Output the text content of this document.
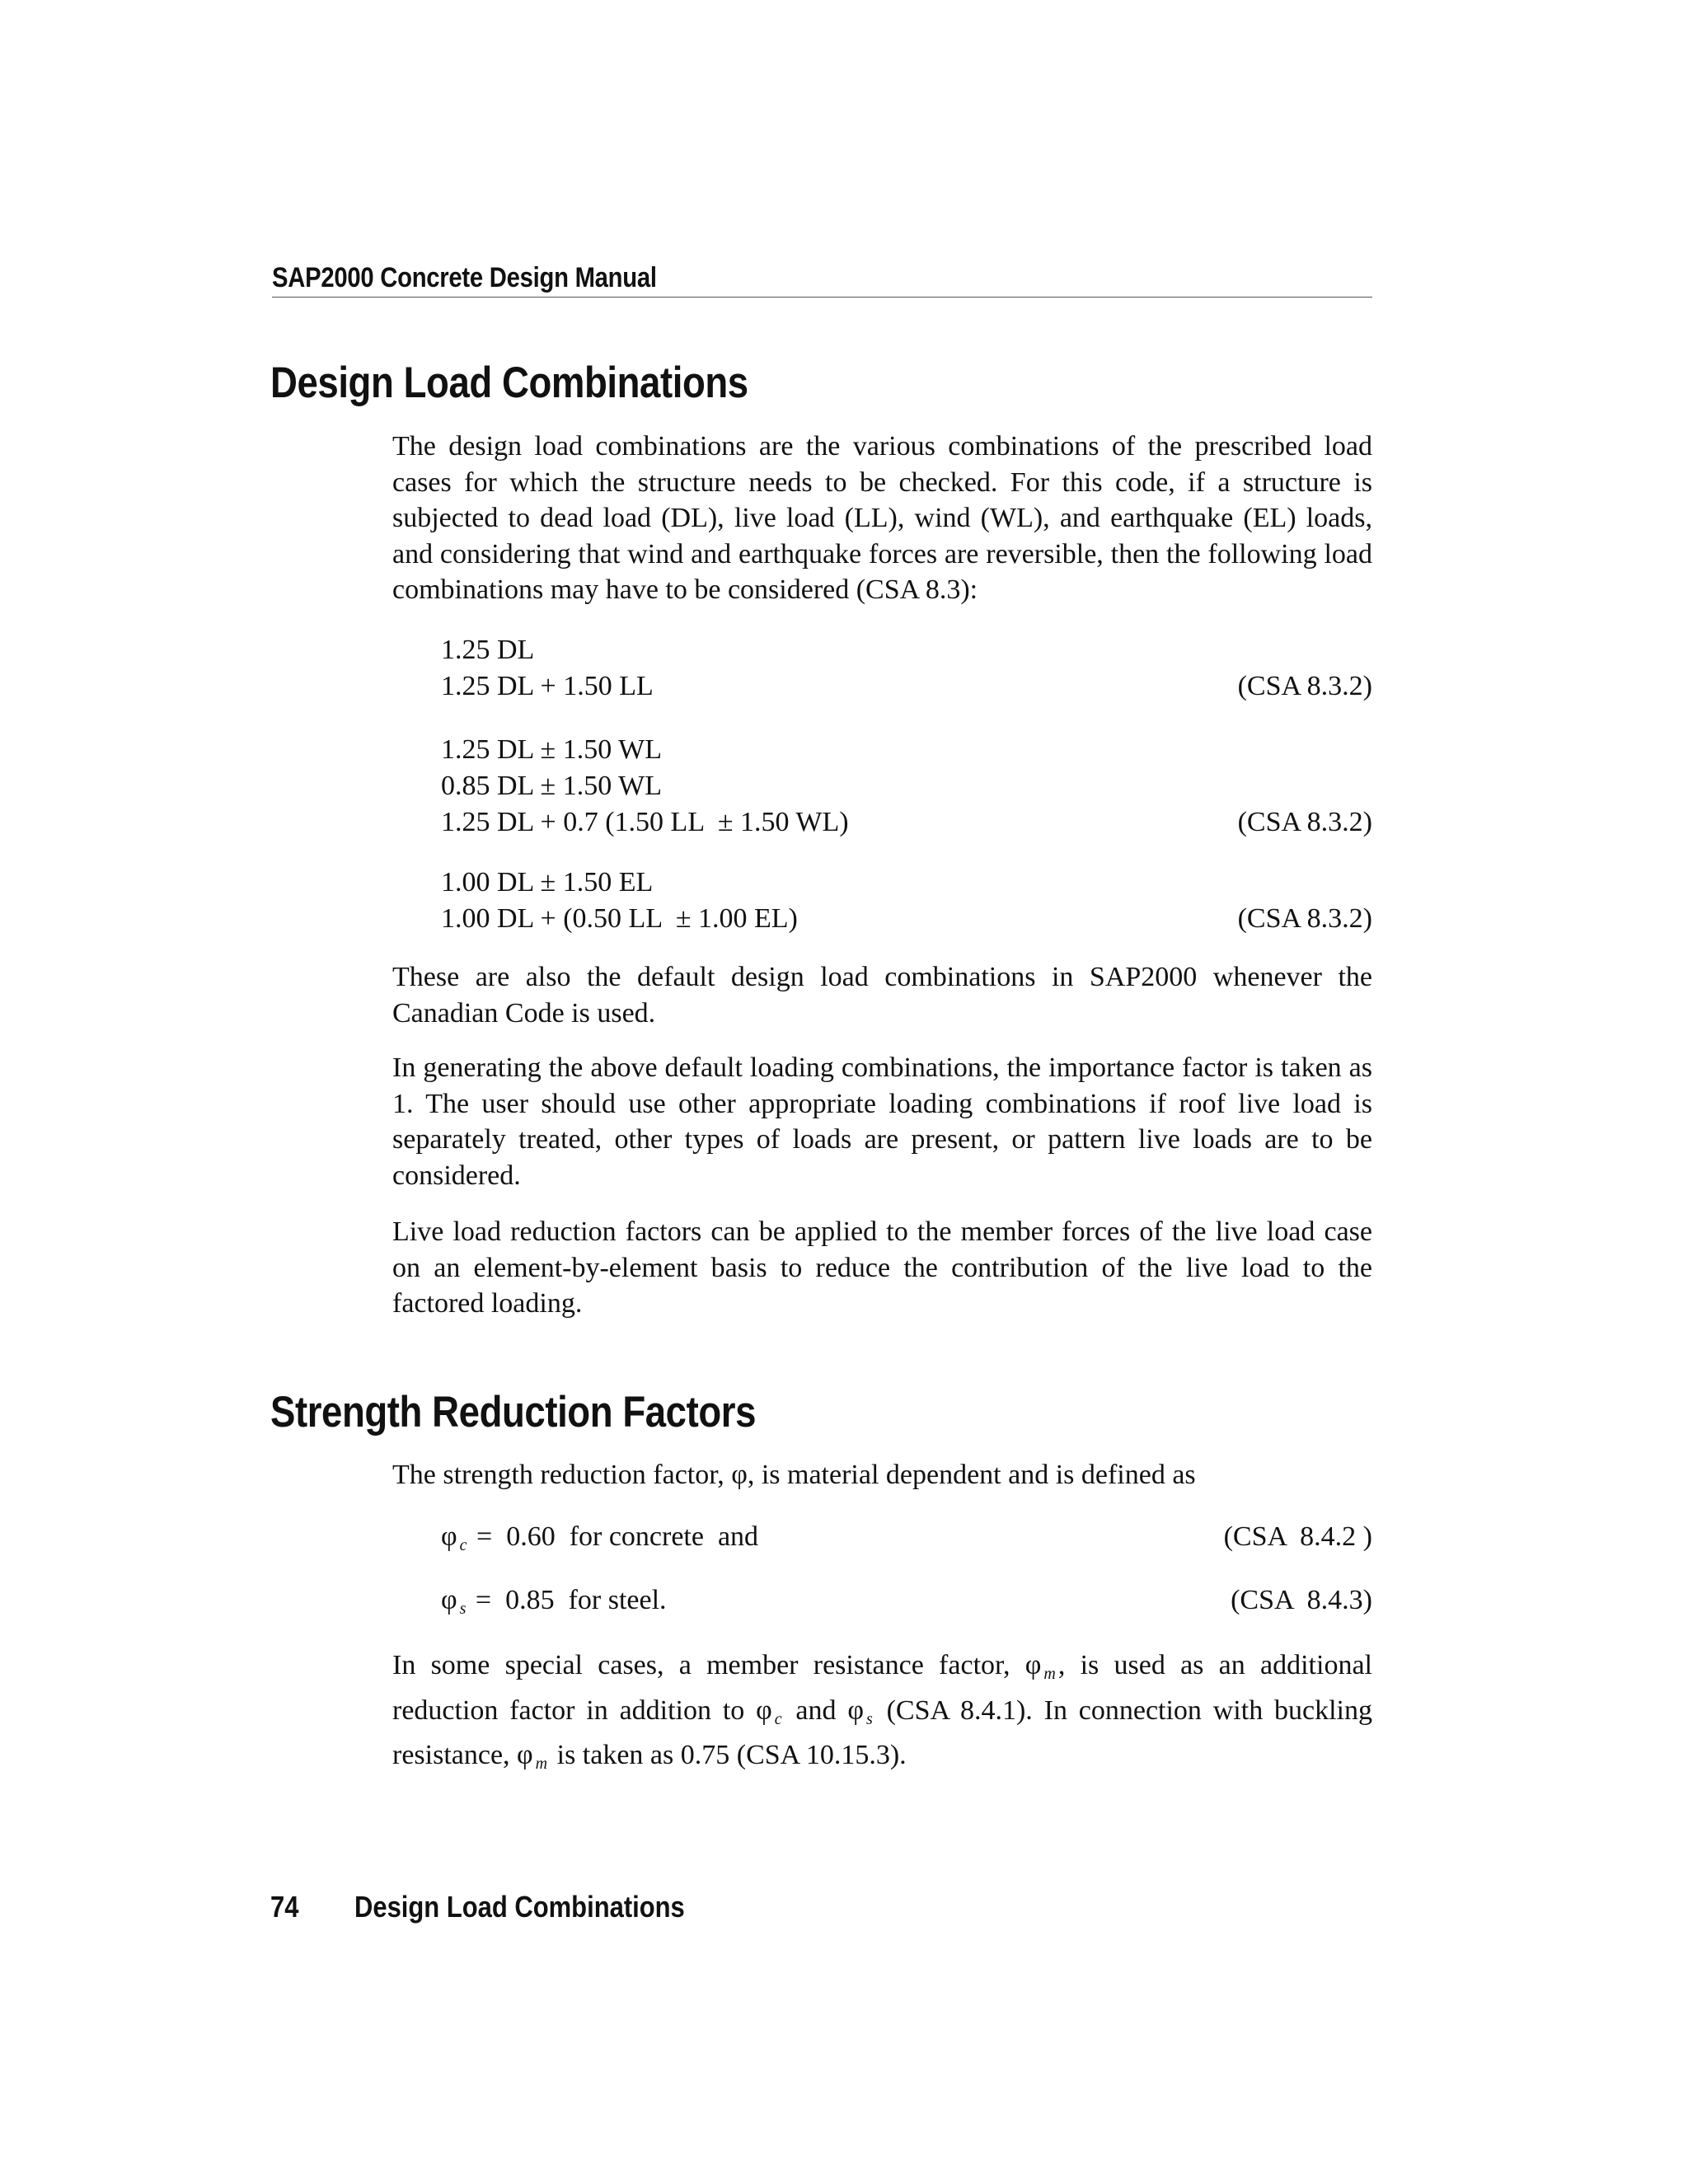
SAP2000 Concrete Design Manual
Design Load Combinations

The design load combinations are the various combinations of the prescribed load cases for which the structure needs to be checked. For this code, if a structure is subjected to dead load (DL), live load (LL), wind (WL), and earthquake (EL) loads, and considering that wind and earthquake forces are reversible, then the following load combinations may have to be considered (CSA 8.3):

1.25 DL
1.25 DL + 1.50 LL	(CSA 8.3.2)
1.25 DL ± 1.50 WL
0.85 DL ± 1.50 WL
1.25 DL + 0.7 (1.50 LL  ± 1.50 WL)	(CSA 8.3.2)
1.00 DL ± 1.50 EL
1.00 DL + (0.50 LL  ± 1.00 EL)	(CSA 8.3.2)

These are also the default design load combinations in SAP2000 whenever the Canadian Code is used.

In generating the above default loading combinations, the importance factor is taken as 1. The user should use other appropriate loading combinations if roof live load is separately treated, other types of loads are present, or pattern live loads are to be considered.

Live load reduction factors can be applied to the member forces of the live load case on an element-by-element basis to reduce the contribution of the live load to the factored loading.

Strength Reduction Factors

The strength reduction factor, φ, is material dependent and is defined as

φ $_c$ =  0.60  for concrete  and	(CSA  8.4.2 )
φ $_s$ =  0.85  for steel.	(CSA  8.4.3)

In some special cases, a member resistance factor, φ $_m$, is used as an additional reduction factor in addition to φ $_c$ and φ $_s$ (CSA 8.4.1). In connection with buckling resistance, φ $_m$ is taken as 0.75 (CSA 10.15.3).

74 Design Load Combinations
